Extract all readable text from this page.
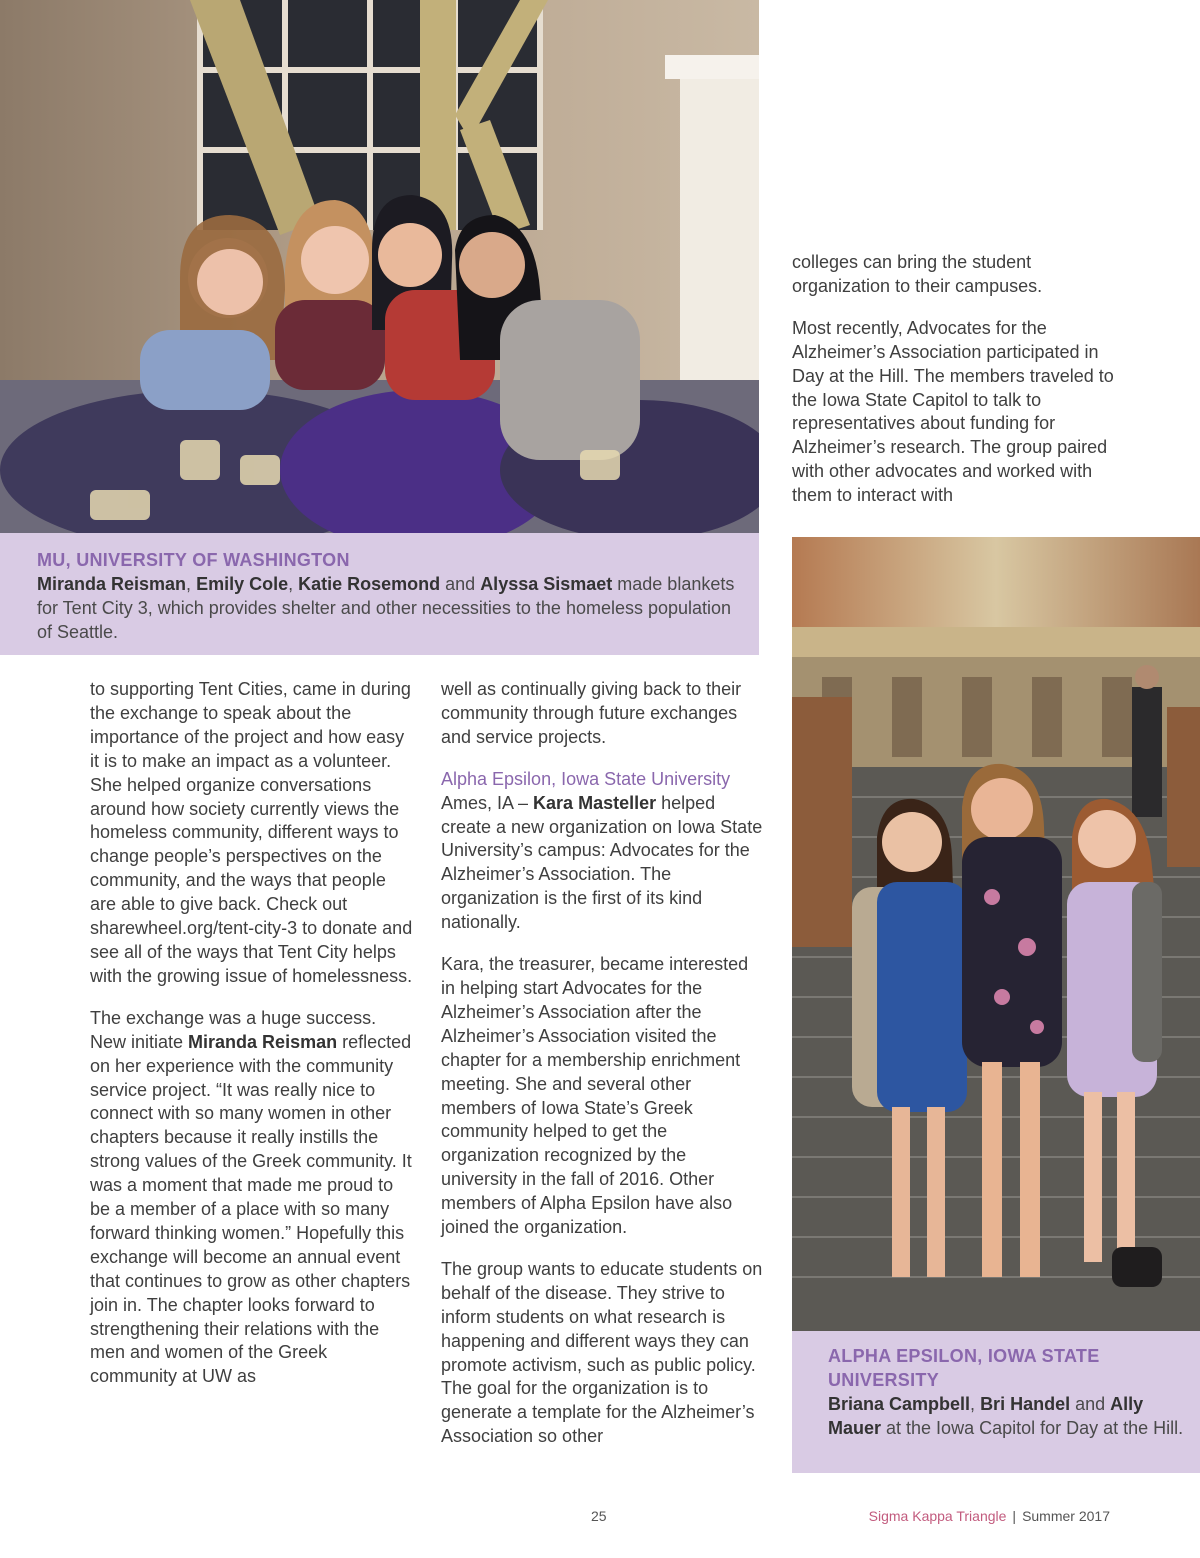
MU, UNIVERSITY OF WASHINGTON
Miranda Reisman, Emily Cole, Katie Rosemond and Alyssa Sismaet made blankets for Tent City 3, which provides shelter and other necessities to the homeless population of Seattle.

to supporting Tent Cities, came in during the exchange to speak about the importance of the project and how easy it is to make an impact as a volunteer. She helped organize conversations around how society currently views the homeless community, different ways to change people’s perspectives on the community, and the ways that people are able to give back. Check out sharewheel.org/tent-city-3 to donate and see all of the ways that Tent City helps with the growing issue of homelessness.

The exchange was a huge success. New initiate Miranda Reisman reflected on her experience with the community service project. “It was really nice to connect with so many women in other chapters because it really instills the strong values of the Greek community. It was a moment that made me proud to be a member of a place with so many forward thinking women.” Hopefully this exchange will become an annual event that continues to grow as other chapters join in. The chapter looks forward to strengthening their relations with the men and women of the Greek community at UW as

well as continually giving back to their community through future exchanges and service projects.

Alpha Epsilon, Iowa State University
Ames, IA – Kara Masteller helped create a new organization on Iowa State University’s campus: Advocates for the Alzheimer’s Association. The organization is the first of its kind nationally.

Kara, the treasurer, became interested in helping start Advocates for the Alzheimer’s Association after the Alzheimer’s Association visited the chapter for a membership enrichment meeting. She and several other members of Iowa State’s Greek community helped to get the organization recognized by the university in the fall of 2016. Other members of Alpha Epsilon have also joined the organization.

The group wants to educate students on behalf of the disease. They strive to inform students on what research is happening and different ways they can promote activism, such as public policy. The goal for the organization is to generate a template for the Alzheimer’s Association so other

colleges can bring the student organization to their campuses.

Most recently, Advocates for the Alzheimer’s Association participated in Day at the Hill. The members traveled to the Iowa State Capitol to talk to representatives about funding for Alzheimer’s research. The group paired with other advocates and worked with them to interact with

ALPHA EPSILON, IOWA STATE UNIVERSITY
Briana Campbell, Bri Handel and Ally Mauer at the Iowa Capitol for Day at the Hill.
25	Sigma Kappa Triangle | Summer 2017
